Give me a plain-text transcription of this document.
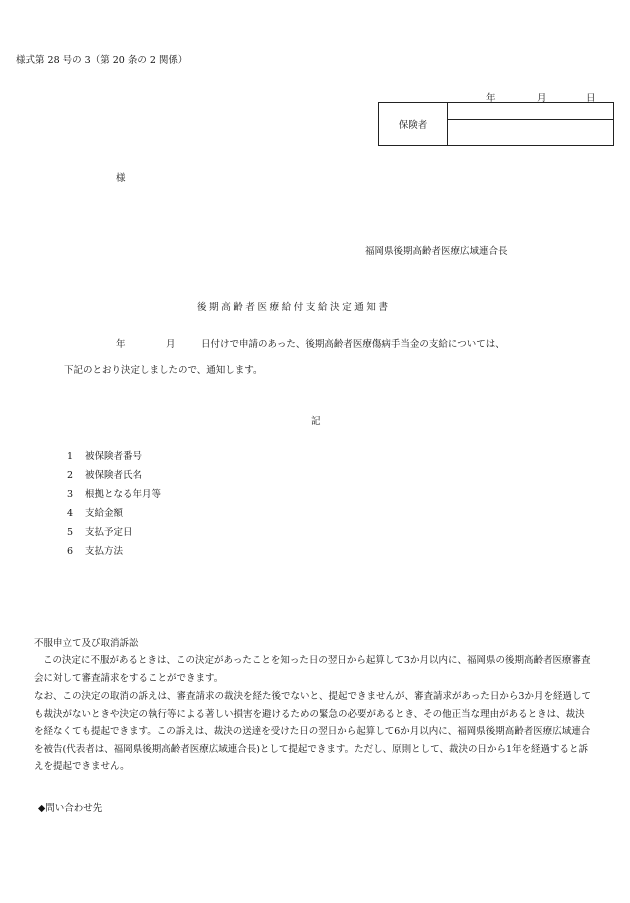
様式第 28 号の 3（第 20 条の 2 関係）
年	月	日
保険者
様
福岡県後期高齢者医療広域連合長
後期高齢者医療給付支給決定通知書
年	月	日付けで申請のあった、後期高齢者医療傷病手当金の支給については、
下記のとおり決定しましたので、通知します。
記
1 被保険者番号
2 被保険者氏名
3 根拠となる年月等
4 支給金額
5 支払予定日
6 支払方法
不服申立て及び取消訴訟
この決定に不服があるときは、この決定があったことを知った日の翌日から起算して3か月以内に、福岡県の後期高齢者医療審査会に対して審査請求をすることができます。
なお、この決定の取消の訴えは、審査請求の裁決を経た後でないと、提起できませんが、審査請求があった日から3か月を経過しても裁決がないときや決定の執行等による著しい損害を避けるための緊急の必要があるとき、その他正当な理由があるときは、裁決を経なくても提起できます。この訴えは、裁決の送達を受けた日の翌日から起算して6か月以内に、福岡県後期高齢者医療広域連合を被告(代表者は、福岡県後期高齢者医療広域連合長)として提起できます。ただし、原則として、裁決の日から1年を経過すると訴えを提起できません。
◆問い合わせ先
